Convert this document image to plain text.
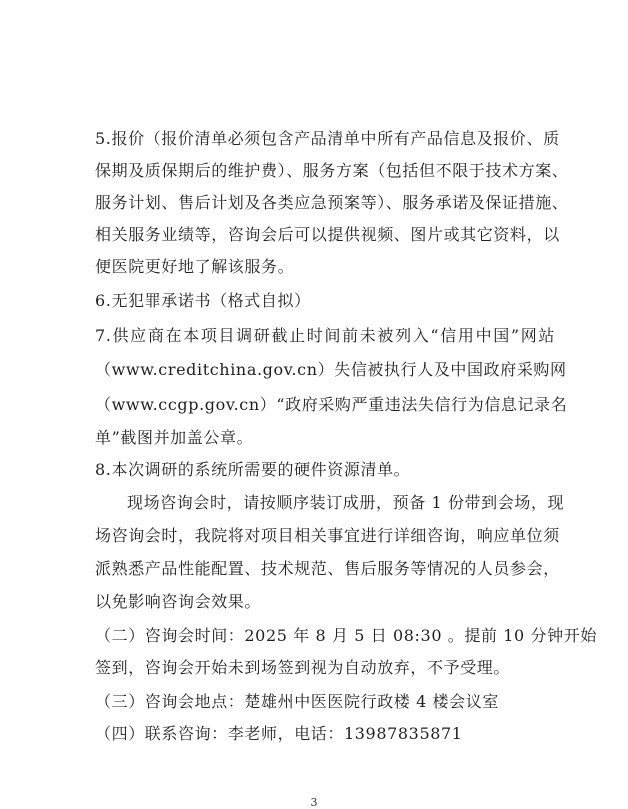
5.报价（报价清单必须包含产品清单中所有产品信息及报价、质
保期及质保期后的维护费）、服务方案（包括但不限于技术方案、
服务计划、售后计划及各类应急预案等）、服务承诺及保证措施、
相关服务业绩等，咨询会后可以提供视频、图片或其它资料，以
便医院更好地了解该服务。
6.无犯罪承诺书（格式自拟）
7.供应商在本项目调研截止时间前未被列入“信用中国”网站
（www.creditchina.gov.cn）失信被执行人及中国政府采购网
（www.ccgp.gov.cn）“政府采购严重违法失信行为信息记录名
单”截图并加盖公章。
8.本次调研的系统所需要的硬件资源清单。
现场咨询会时，请按顺序装订成册，预备 1 份带到会场，现
场咨询会时，我院将对项目相关事宜进行详细咨询，响应单位须
派熟悉产品性能配置、技术规范、售后服务等情况的人员参会，
以免影响咨询会效果。
（二）咨询会时间：2025 年 8 月 5 日 08:30 。提前 10 分钟开始
签到，咨询会开始未到场签到视为自动放弃，不予受理。
（三）咨询会地点：楚雄州中医医院行政楼 4 楼会议室
（四）联系咨询：李老师，电话：13987835871
3
